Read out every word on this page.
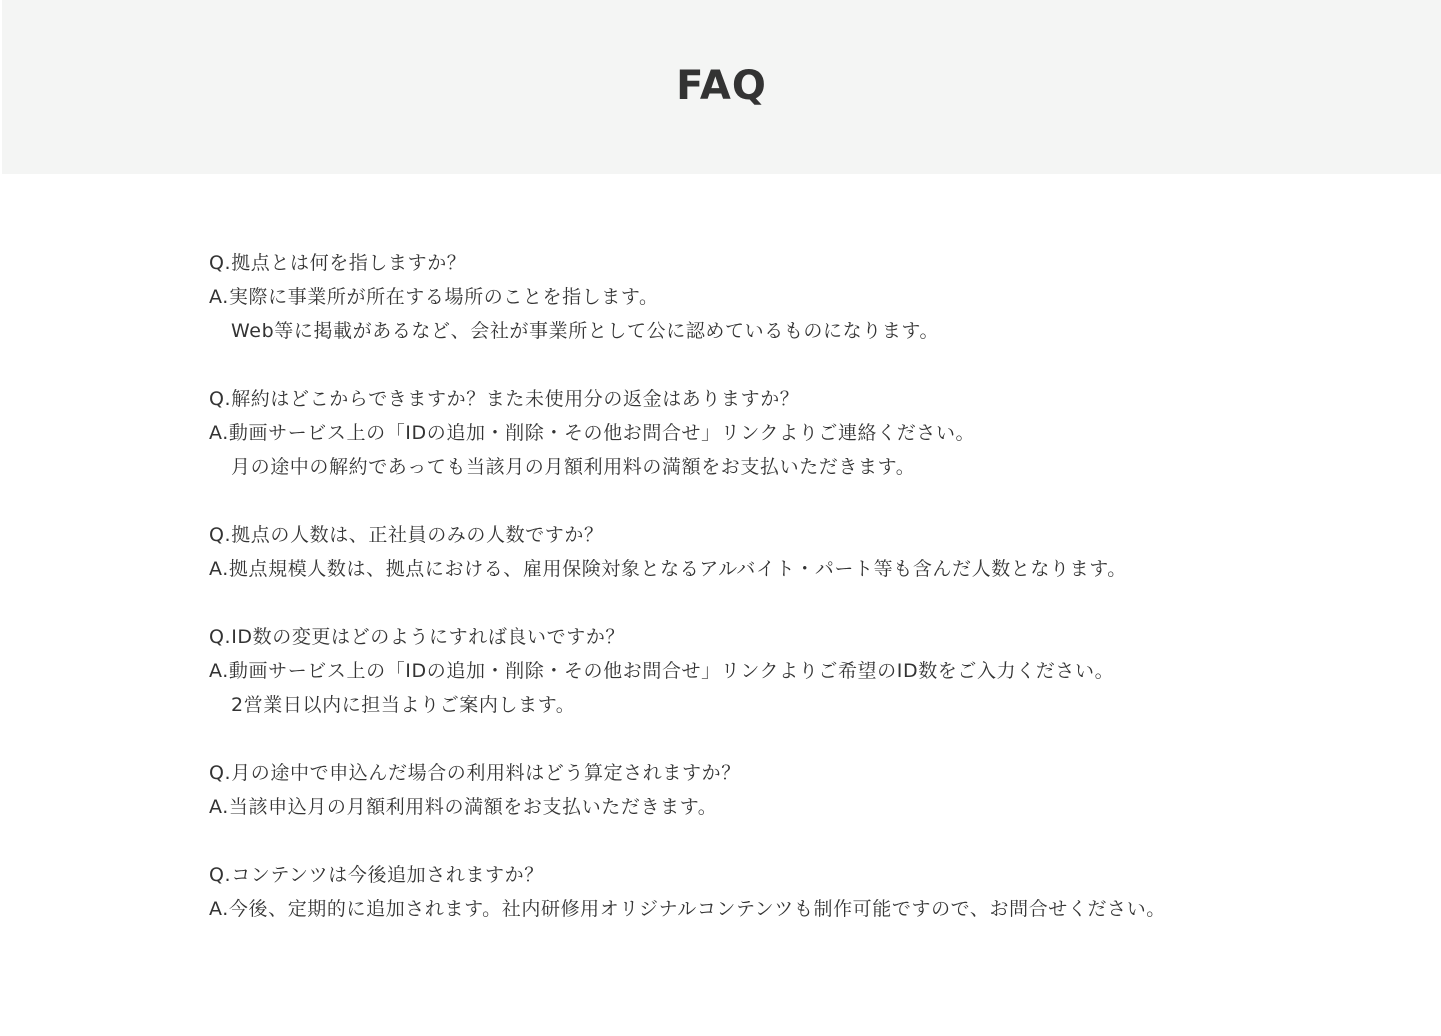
FAQ
Q.拠点とは何を指しますか？
A.実際に事業所が所在する場所のことを指します。
Web等に掲載があるなど、会社が事業所として公に認めているものになります。
Q.解約はどこからできますか？また未使用分の返金はありますか？
A.動画サービス上の「IDの追加・削除・その他お問合せ」リンクよりご連絡ください。
月の途中の解約であっても当該月の月額利用料の満額をお支払いただきます。
Q.拠点の人数は、正社員のみの人数ですか？
A.拠点規模人数は、拠点における、雇用保険対象となるアルバイト・パート等も含んだ人数となります。
Q.ID数の変更はどのようにすれば良いですか？
A.動画サービス上の「IDの追加・削除・その他お問合せ」リンクよりご希望のID数をご入力ください。
2営業日以内に担当よりご案内します。
Q.月の途中で申込んだ場合の利用料はどう算定されますか？
A.当該申込月の月額利用料の満額をお支払いただきます。
Q.コンテンツは今後追加されますか？
A.今後、定期的に追加されます。社内研修用オリジナルコンテンツも制作可能ですので、お問合せください。
